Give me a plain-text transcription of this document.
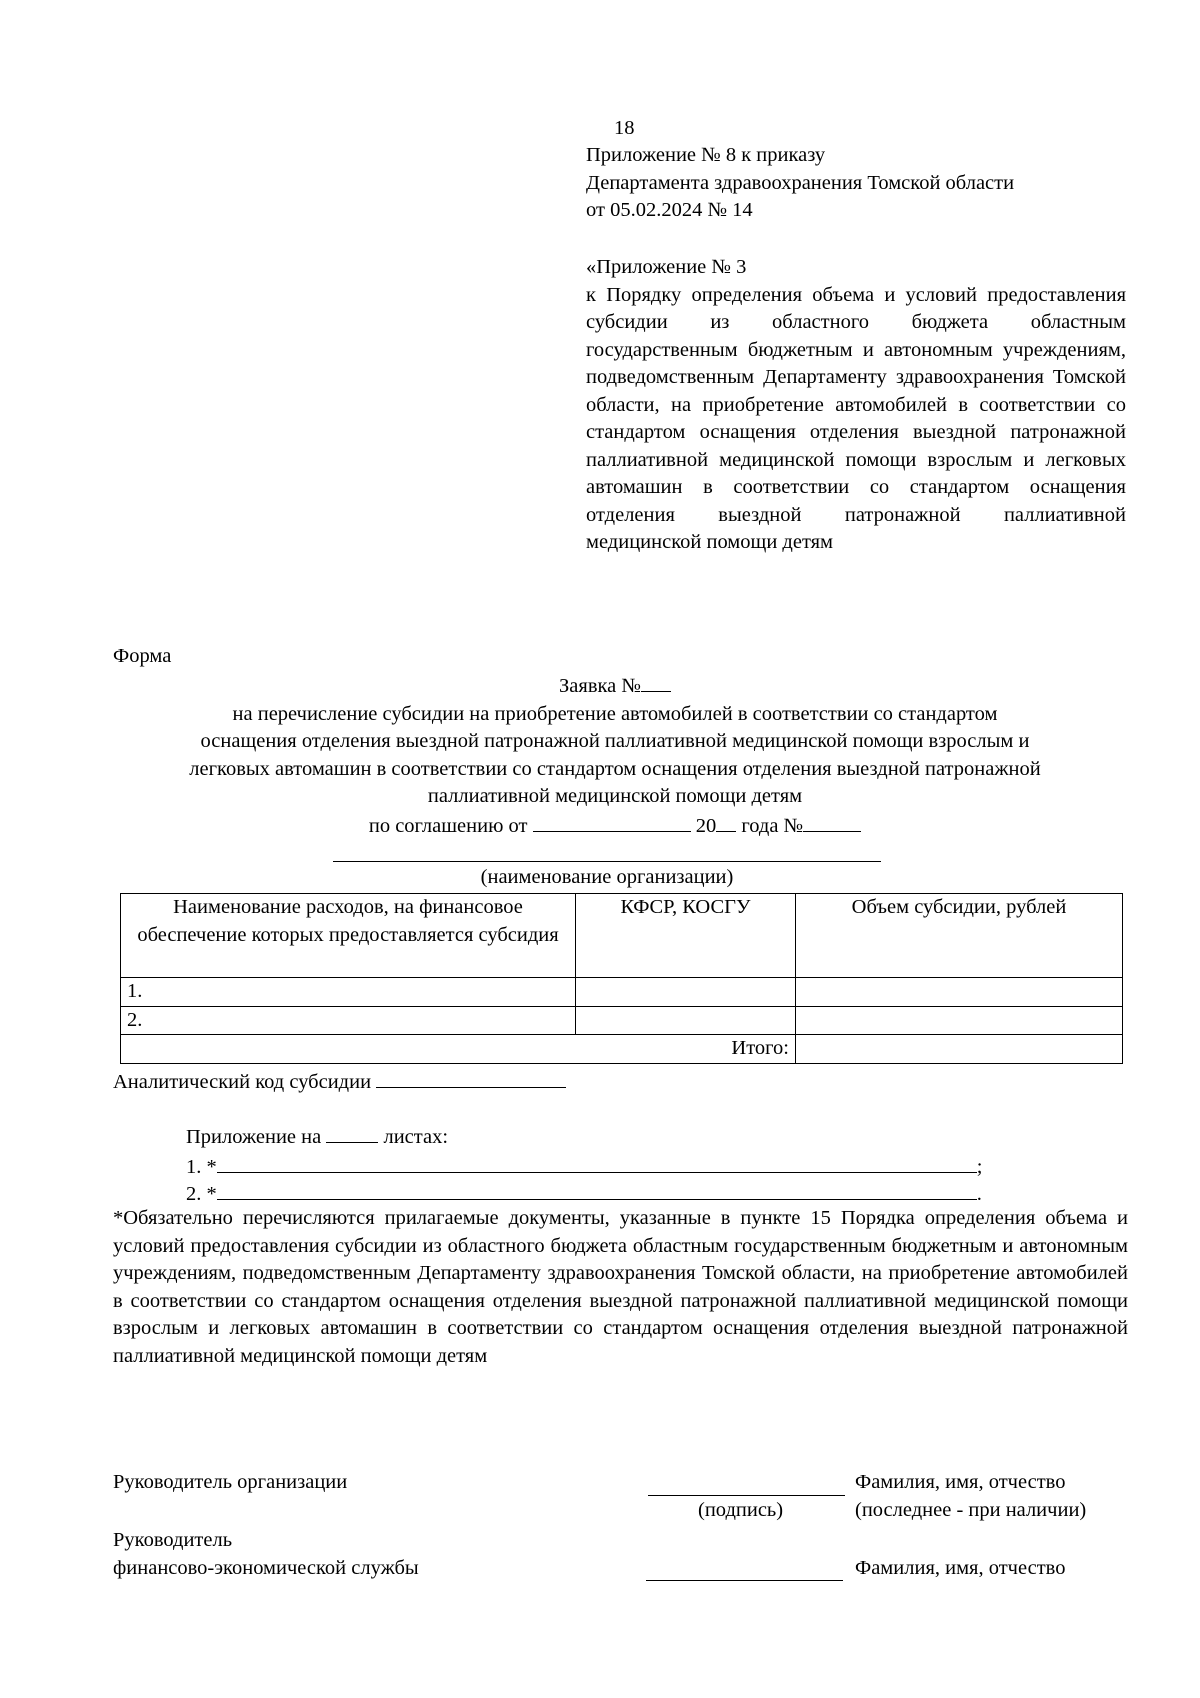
18
Приложение № 8 к приказу
Департамента здравоохранения Томской области
от 05.02.2024 № 14
«Приложение № 3
к Порядку определения объема и условий предоставления субсидии из областного бюджета областным государственным бюджетным и автономным учреждениям, подведомственным Департаменту здравоохранения Томской области, на приобретение автомобилей в соответствии со стандартом оснащения отделения выездной патронажной паллиативной медицинской помощи взрослым и легковых автомашин в соответствии со стандартом оснащения отделения выездной патронажной паллиативной медицинской помощи детям
Форма
Заявка №
на перечисление субсидии на приобретение автомобилей в соответствии со стандартом
оснащения отделения выездной патронажной паллиативной медицинской помощи взрослым и
легковых автомашин в соответствии со стандартом оснащения отделения выездной патронажной
паллиативной медицинской помощи детям
по соглашению от	20 года №
(наименование организации)
Наименование расходов, на финансовое обеспечение которых предоставляется субсидия	КФСР, КОСГУ	Объем субсидии, рублей
1.		
2.		
Итого:		
Аналитический код субсидии
Приложение на	листах:
1. *	;
2. *	.
*Обязательно перечисляются прилагаемые документы, указанные в пункте 15 Порядка определения объема и условий предоставления субсидии из областного бюджета областным государственным бюджетным и автономным учреждениям, подведомственным Департаменту здравоохранения Томской области, на приобретение автомобилей в соответствии со стандартом оснащения отделения выездной патронажной паллиативной медицинской помощи взрослым и легковых автомашин в соответствии со стандартом оснащения отделения выездной патронажной паллиативной медицинской помощи детям
Руководитель организации	Фамилия, имя, отчество
(подпись)	(последнее - при наличии)
Руководитель
финансово-экономической службы	Фамилия, имя, отчество
